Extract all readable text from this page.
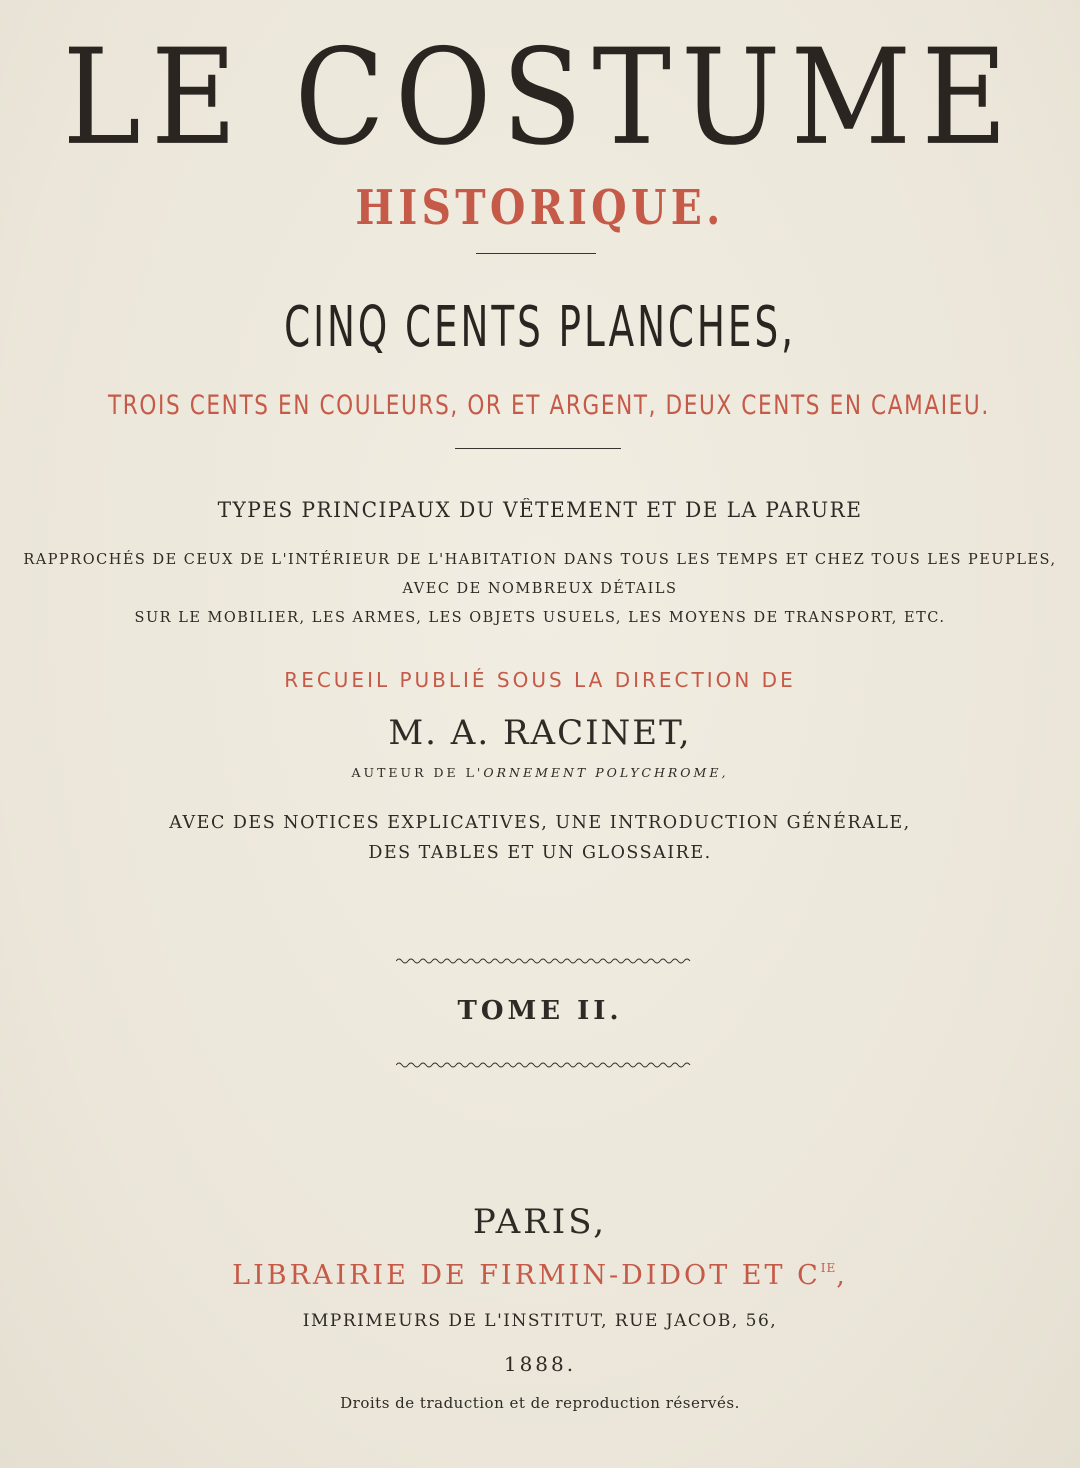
LE COSTUME
HISTORIQUE.
CINQ CENTS PLANCHES,
TROIS CENTS EN COULEURS, OR ET ARGENT, DEUX CENTS EN CAMAIEU.
TYPES PRINCIPAUX DU VÊTEMENT ET DE LA PARURE
RAPPROCHÉS DE CEUX DE L'INTÉRIEUR DE L'HABITATION DANS TOUS LES TEMPS ET CHEZ TOUS LES PEUPLES,
AVEC DE NOMBREUX DÉTAILS
SUR LE MOBILIER, LES ARMES, LES OBJETS USUELS, LES MOYENS DE TRANSPORT, ETC.
RECUEIL PUBLIÉ SOUS LA DIRECTION DE
M. A. RACINET,
AUTEUR DE L'ORNEMENT POLYCHROME,
AVEC DES NOTICES EXPLICATIVES, UNE INTRODUCTION GÉNÉRALE,
DES TABLES ET UN GLOSSAIRE.
TOME II.
PARIS,
LIBRAIRIE DE FIRMIN-DIDOT ET $C^{IE}$,
IMPRIMEURS DE L'INSTITUT, RUE JACOB, 56,
1888.
Droits de traduction et de reproduction réservés.
